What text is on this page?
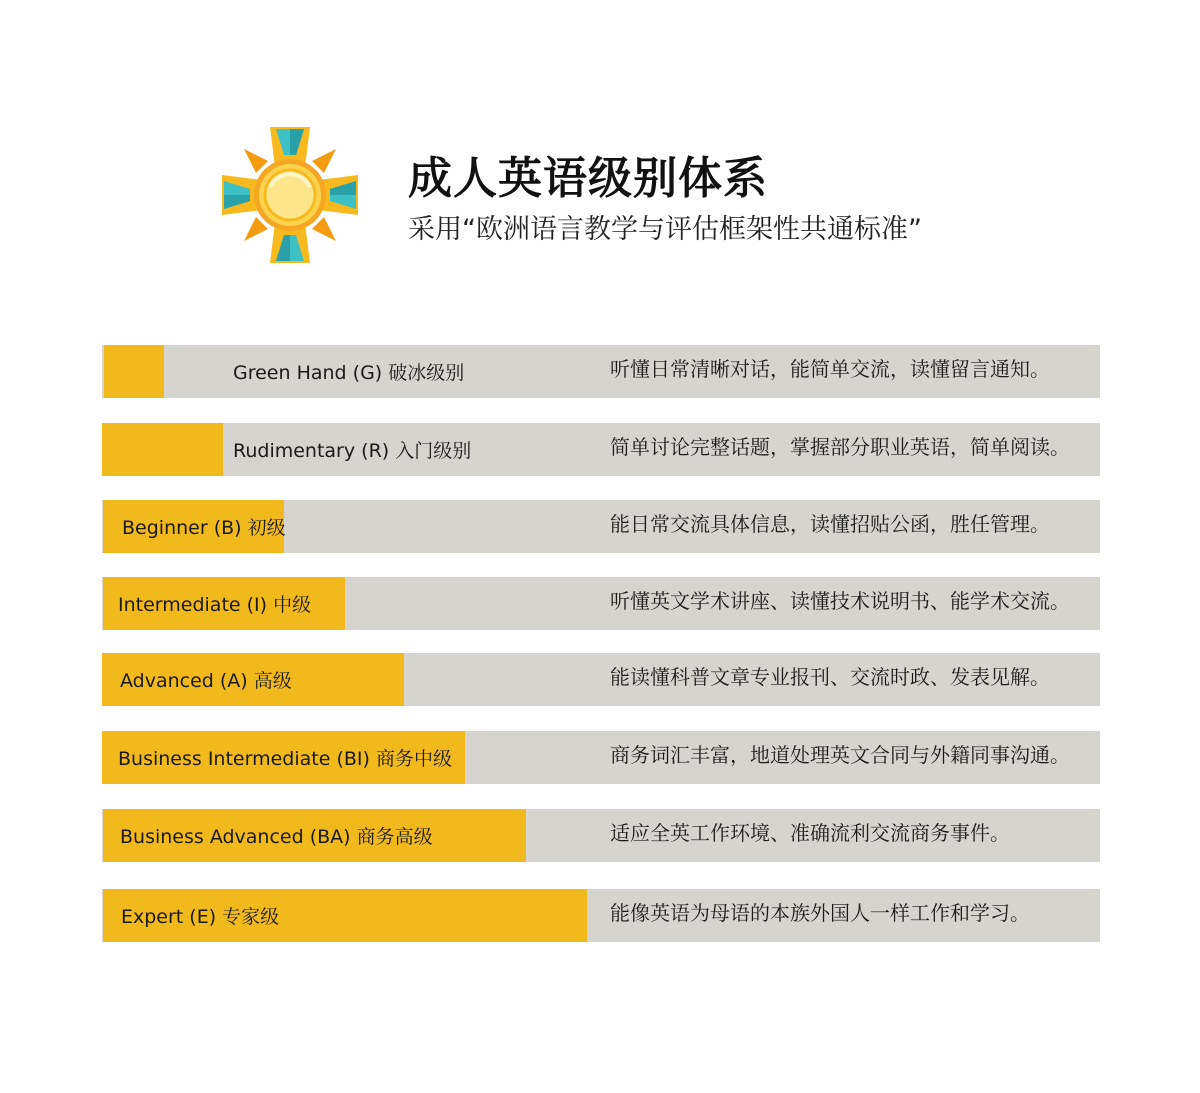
成人英语级别体系
采用“欧洲语言教学与评估框架性共通标准”
Green Hand (G) 破冰级别	听懂日常清晰对话，能简单交流，读懂留言通知。
Rudimentary (R) 入门级别	简单讨论完整话题，掌握部分职业英语，简单阅读。
Beginner (B) 初级	能日常交流具体信息，读懂招贴公函，胜任管理。
Intermediate (I) 中级	听懂英文学术讲座、读懂技术说明书、能学术交流。
Advanced (A) 高级	能读懂科普文章专业报刊、交流时政、发表见解。
Business Intermediate (BI) 商务中级	商务词汇丰富，地道处理英文合同与外籍同事沟通。
Business Advanced (BA) 商务高级	适应全英工作环境、准确流利交流商务事件。
Expert (E) 专家级	能像英语为母语的本族外国人一样工作和学习。
